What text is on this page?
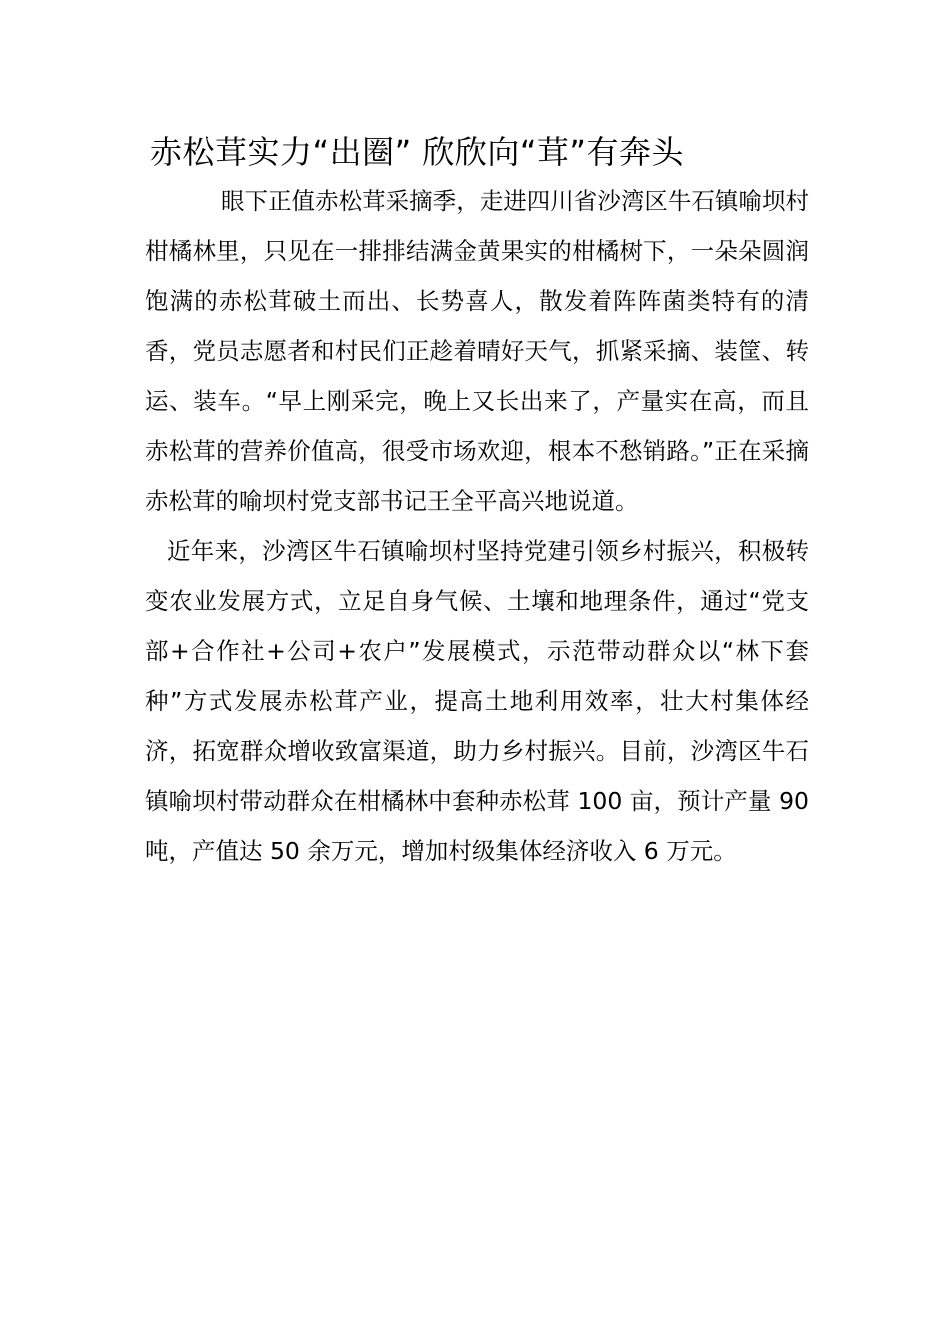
赤松茸实力“出圈” 欣欣向“茸”有奔头

眼下正值赤松茸采摘季，走进四川省沙湾区牛石镇喻坝村柑橘林里，只见在一排排结满金黄果实的柑橘树下，一朵朵圆润饱满的赤松茸破土而出、长势喜人，散发着阵阵菌类特有的清香，党员志愿者和村民们正趁着晴好天气，抓紧采摘、装筐、转运、装车。“早上刚采完，晚上又长出来了，产量实在高，而且赤松茸的营养价值高，很受市场欢迎，根本不愁销路。”正在采摘赤松茸的喻坝村党支部书记王全平高兴地说道。

近年来，沙湾区牛石镇喻坝村坚持党建引领乡村振兴，积极转变农业发展方式，立足自身气候、土壤和地理条件，通过“党支部+合作社+公司+农户”发展模式，示范带动群众以“林下套种”方式发展赤松茸产业，提高土地利用效率，壮大村集体经济，拓宽群众增收致富渠道，助力乡村振兴。目前，沙湾区牛石镇喻坝村带动群众在柑橘林中套种赤松茸 100 亩，预计产量 90 吨，产值达 50 余万元，增加村级集体经济收入 6 万元。
